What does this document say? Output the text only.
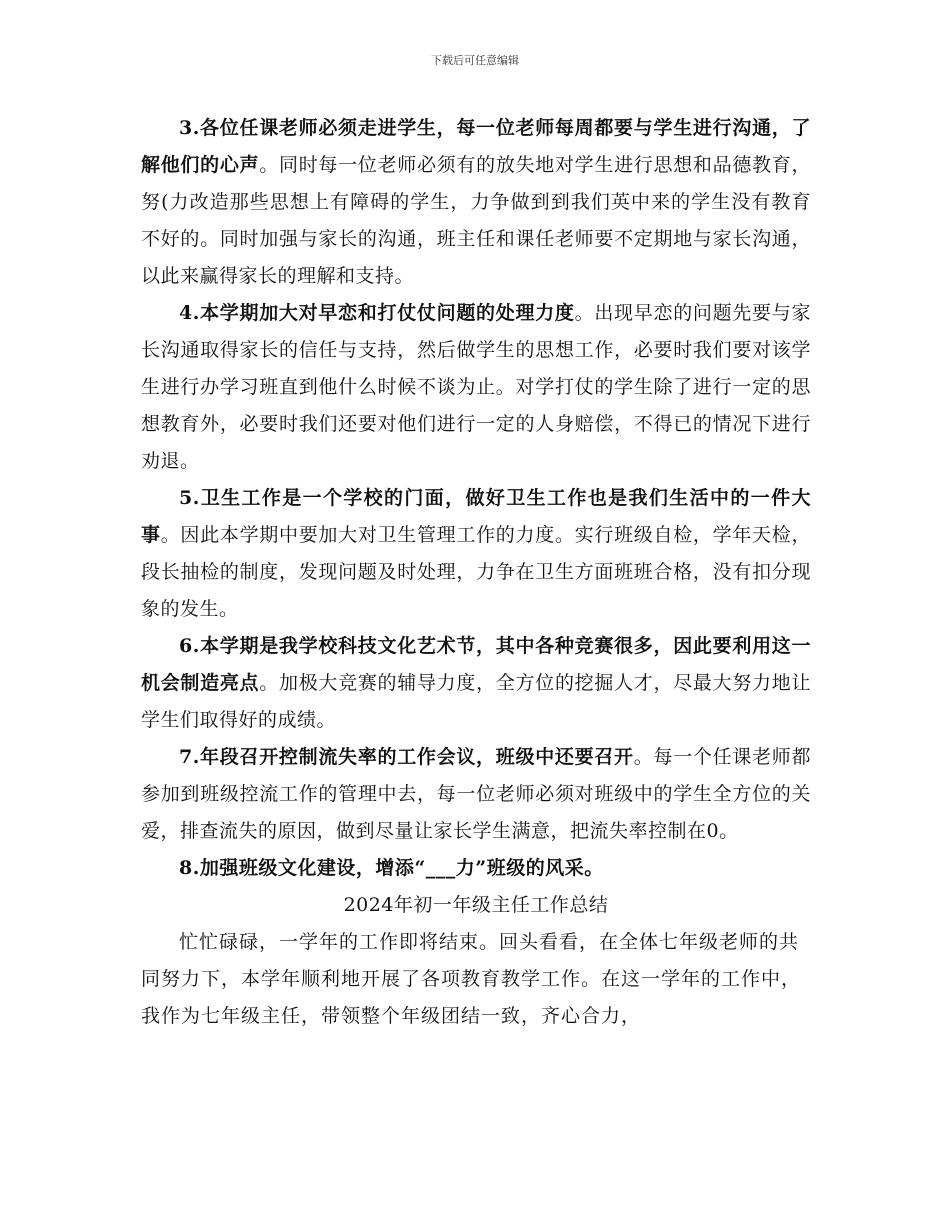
下载后可任意编辑

3.各位任课老师必须走进学生，每一位老师每周都要与学生进行沟通，了解他们的心声。同时每一位老师必须有的放失地对学生进行思想和品德教育，努(力改造那些思想上有障碍的学生，力争做到到我们英中来的学生没有教育不好的。同时加强与家长的沟通，班主任和课任老师要不定期地与家长沟通，以此来赢得家长的理解和支持。

4.本学期加大对早恋和打仗仗问题的处理力度。出现早恋的问题先要与家长沟通取得家长的信任与支持，然后做学生的思想工作，必要时我们要对该学生进行办学习班直到他什么时候不谈为止。对学打仗的学生除了进行一定的思想教育外，必要时我们还要对他们进行一定的人身赔偿，不得已的情况下进行劝退。

5.卫生工作是一个学校的门面，做好卫生工作也是我们生活中的一件大事。因此本学期中要加大对卫生管理工作的力度。实行班级自检，学年天检，段长抽检的制度，发现问题及时处理，力争在卫生方面班班合格，没有扣分现象的发生。

6.本学期是我学校科技文化艺术节，其中各种竞赛很多，因此要利用这一机会制造亮点。加极大竞赛的辅导力度，全方位的挖掘人才，尽最大努力地让学生们取得好的成绩。

7.年段召开控制流失率的工作会议，班级中还要召开。每一个任课老师都参加到班级控流工作的管理中去，每一位老师必须对班级中的学生全方位的关爱，排查流失的原因，做到尽量让家长学生满意，把流失率控制在0。

8.加强班级文化建设，增添“___力”班级的风采。

2024年初一年级主任工作总结

忙忙碌碌，一学年的工作即将结束。回头看看，在全体七年级老师的共同努力下，本学年顺利地开展了各项教育教学工作。在这一学年的工作中，我作为七年级主任，带领整个年级团结一致，齐心合力，
